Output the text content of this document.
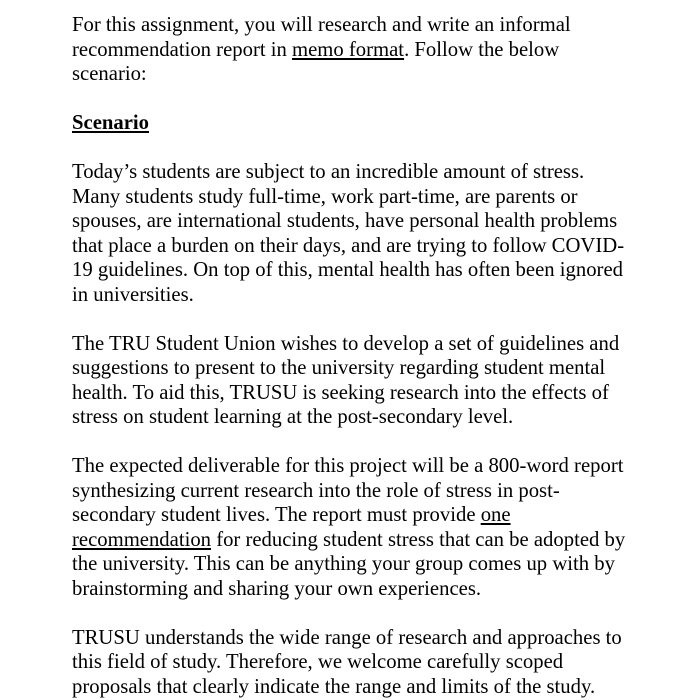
For this assignment, you will research and write an informal recommendation report in memo format. Follow the below scenario:

Scenario

Today’s students are subject to an incredible amount of stress. Many students study full-time, work part-time, are parents or spouses, are international students, have personal health problems that place a burden on their days, and are trying to follow COVID-19 guidelines. On top of this, mental health has often been ignored in universities.

The TRU Student Union wishes to develop a set of guidelines and suggestions to present to the university regarding student mental health. To aid this, TRUSU is seeking research into the effects of stress on student learning at the post-secondary level.

The expected deliverable for this project will be a 800-word report synthesizing current research into the role of stress in post-secondary student lives. The report must provide one recommendation for reducing student stress that can be adopted by the university. This can be anything your group comes up with by brainstorming and sharing your own experiences.

TRUSU understands the wide range of research and approaches to this field of study. Therefore, we welcome carefully scoped proposals that clearly indicate the range and limits of the study.
